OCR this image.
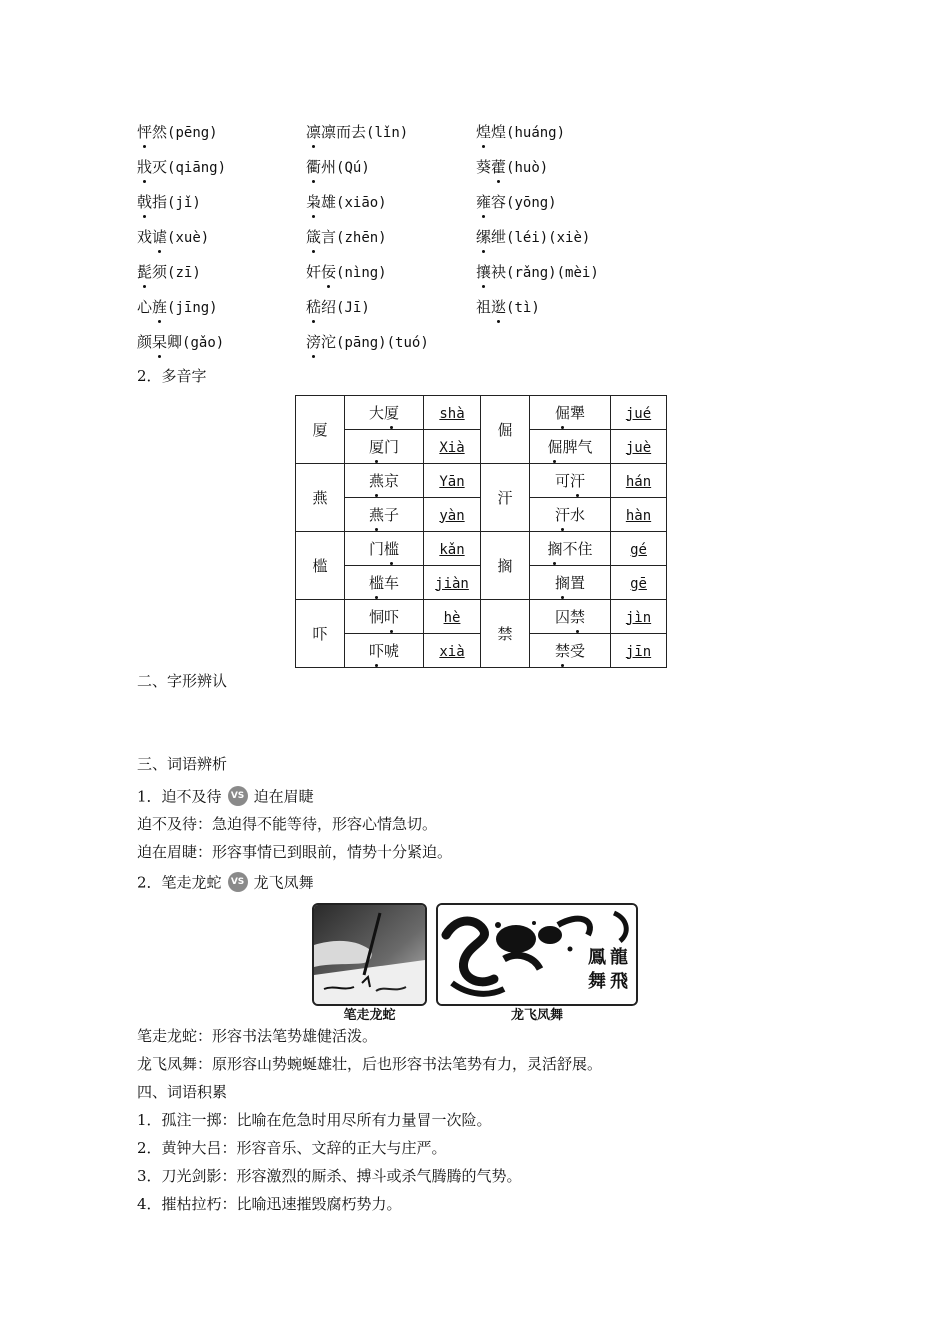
怦然(pēng)	凛凛而去(lǐn)	煌煌(huáng)
戕灭(qiāng)	衢州(Qú)	葵藿(huò)
戟指(jǐ)	枭雄(xiāo)	雍容(yōng)
戏谑(xuè)	箴言(zhēn)	缧绁(léi)(xiè)
髭须(zī)	奸佞(nìng)	攘袂(rǎng)(mèi)
心旌(jīng)	嵇绍(Jī)	祖逖(tì)
颜杲卿(gǎo)	滂沱(pāng)(tuó)
2．多音字
厦	大厦	shà	倔	倔犟	jué
	厦门	Xià		倔脾气	juè
燕	燕京	Yān	汗	可汗	hán
	燕子	yàn		汗水	hàn
槛	门槛	kǎn	搁	搁不住	gé
	槛车	jiàn		搁置	gē
吓	恫吓	hè	禁	囚禁	jìn
	吓唬	xià		禁受	jīn
二、字形辨认
三、词语辨析
1．迫不及待 VS 迫在眉睫
迫不及待：急迫得不能等待，形容心情急切。
迫在眉睫：形容事情已到眼前，情势十分紧迫。
2．笔走龙蛇 VS 龙飞凤舞
笔走龙蛇
龍
鳳
飛
舞
龙飞凤舞
笔走龙蛇：形容书法笔势雄健活泼。
龙飞凤舞：原形容山势蜿蜒雄壮，后也形容书法笔势有力，灵活舒展。
四、词语积累
1．孤注一掷：比喻在危急时用尽所有力量冒一次险。
2．黄钟大吕：形容音乐、文辞的正大与庄严。
3．刀光剑影：形容激烈的厮杀、搏斗或杀气腾腾的气势。
4．摧枯拉朽：比喻迅速摧毁腐朽势力。
